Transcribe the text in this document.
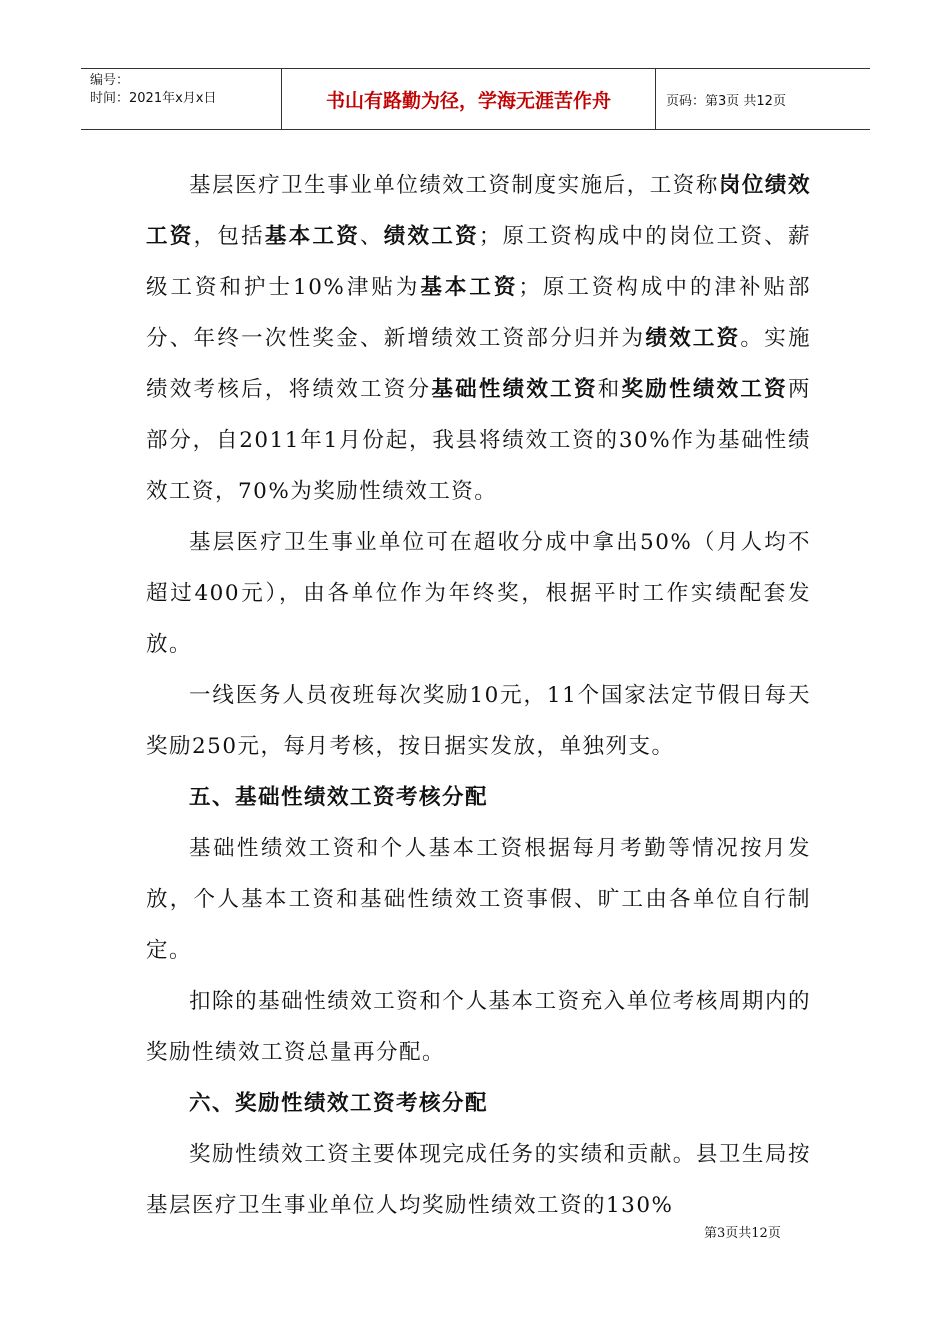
编号：
时间：2021年x月x日	书山有路勤为径，学海无涯苦作舟	页码：第3页 共12页

基层医疗卫生事业单位绩效工资制度实施后，工资称岗位绩效工资，包括基本工资、绩效工资；原工资构成中的岗位工资、薪级工资和护士10%津贴为基本工资；原工资构成中的津补贴部分、年终一次性奖金、新增绩效工资部分归并为绩效工资。实施绩效考核后，将绩效工资分基础性绩效工资和奖励性绩效工资两部分，自2011年1月份起，我县将绩效工资的30%作为基础性绩效工资，70%为奖励性绩效工资。

基层医疗卫生事业单位可在超收分成中拿出50%（月人均不超过400元），由各单位作为年终奖，根据平时工作实绩配套发放。

一线医务人员夜班每次奖励10元，11个国家法定节假日每天奖励250元，每月考核，按日据实发放，单独列支。

五、基础性绩效工资考核分配

基础性绩效工资和个人基本工资根据每月考勤等情况按月发放，个人基本工资和基础性绩效工资事假、旷工由各单位自行制定。

扣除的基础性绩效工资和个人基本工资充入单位考核周期内的奖励性绩效工资总量再分配。

六、奖励性绩效工资考核分配

奖励性绩效工资主要体现完成任务的实绩和贡献。县卫生局按基层医疗卫生事业单位人均奖励性绩效工资的130%

第3页共12页
